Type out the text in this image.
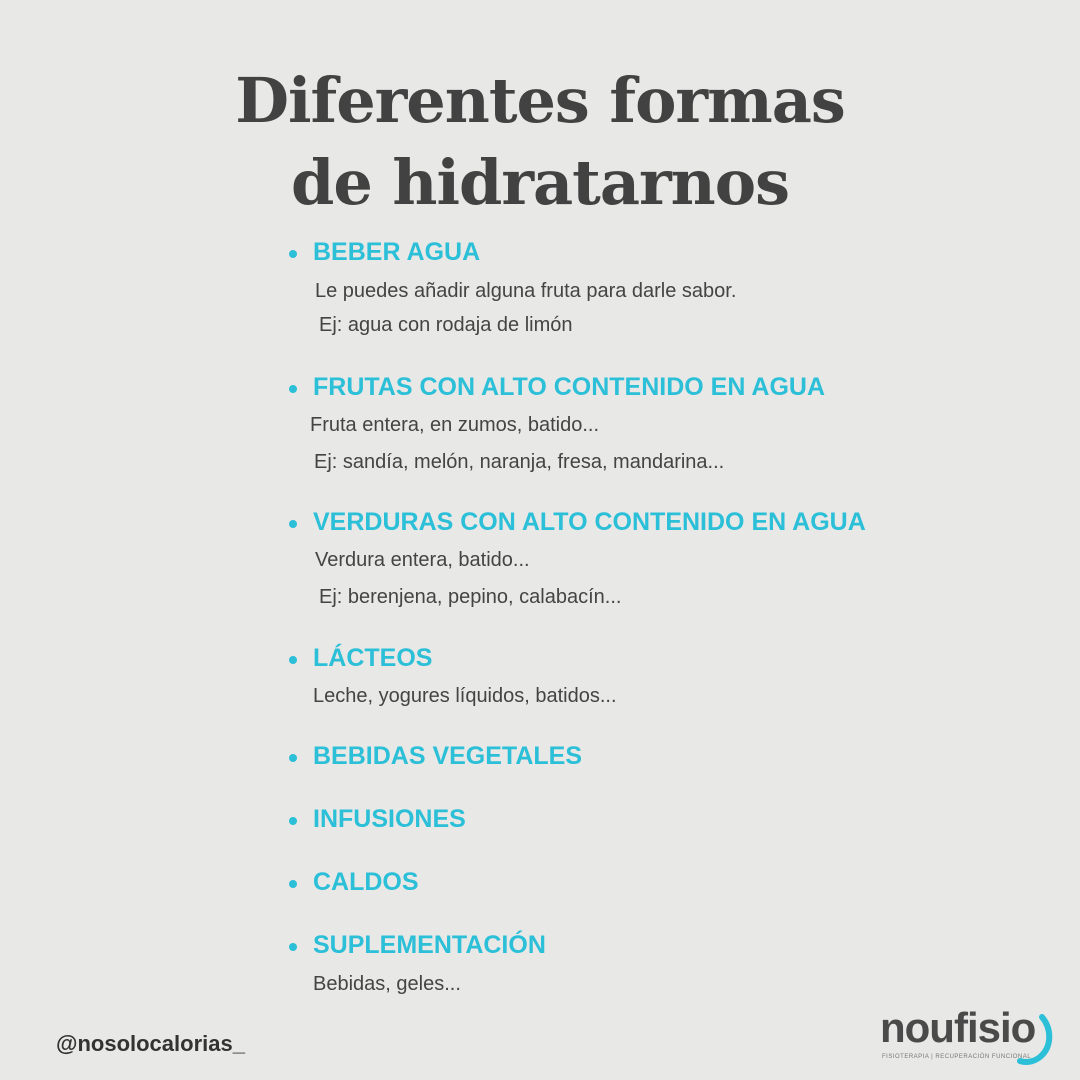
Diferentes formas
de hidratarnos
BEBER AGUA
Le puedes añadir alguna fruta para darle sabor.
Ej: agua con rodaja de limón
FRUTAS CON ALTO CONTENIDO EN AGUA
Fruta entera, en zumos, batido...
Ej: sandía, melón, naranja, fresa, mandarina...
VERDURAS CON ALTO CONTENIDO EN AGUA
Verdura entera, batido...
Ej: berenjena, pepino, calabacín...
LÁCTEOS
Leche, yogures líquidos, batidos...
BEBIDAS VEGETALES
INFUSIONES
CALDOS
SUPLEMENTACIÓN
Bebidas, geles...
@nosolocalorias_	noufisio
FISIOTERAPIA | RECUPERACIÓN FUNCIONAL
